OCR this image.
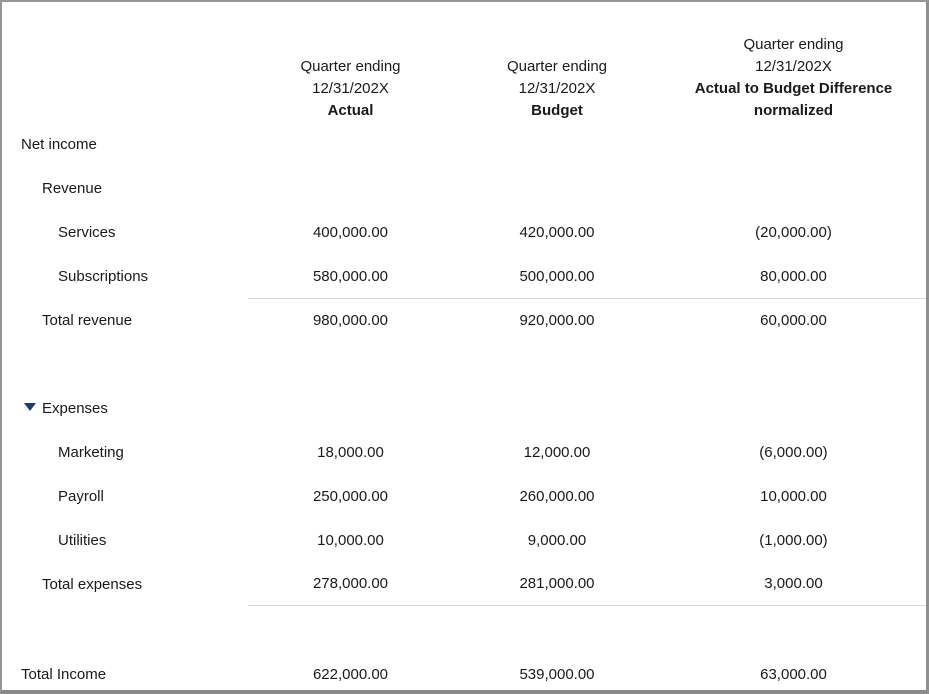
Quarter ending
12/31/202X
Actual
Quarter ending
12/31/202X
Budget
Quarter ending
12/31/202X
Actual to Budget Difference normalized
Net income
Revenue
Services	400,000.00	420,000.00	(20,000.00)
Subscriptions	580,000.00	500,000.00	80,000.00
Total revenue	980,000.00	920,000.00	60,000.00
Expenses
Marketing	18,000.00	12,000.00	(6,000.00)
Payroll	250,000.00	260,000.00	10,000.00
Utilities	10,000.00	9,000.00	(1,000.00)
Total expenses	278,000.00	281,000.00	3,000.00
Total Income	622,000.00	539,000.00	63,000.00
